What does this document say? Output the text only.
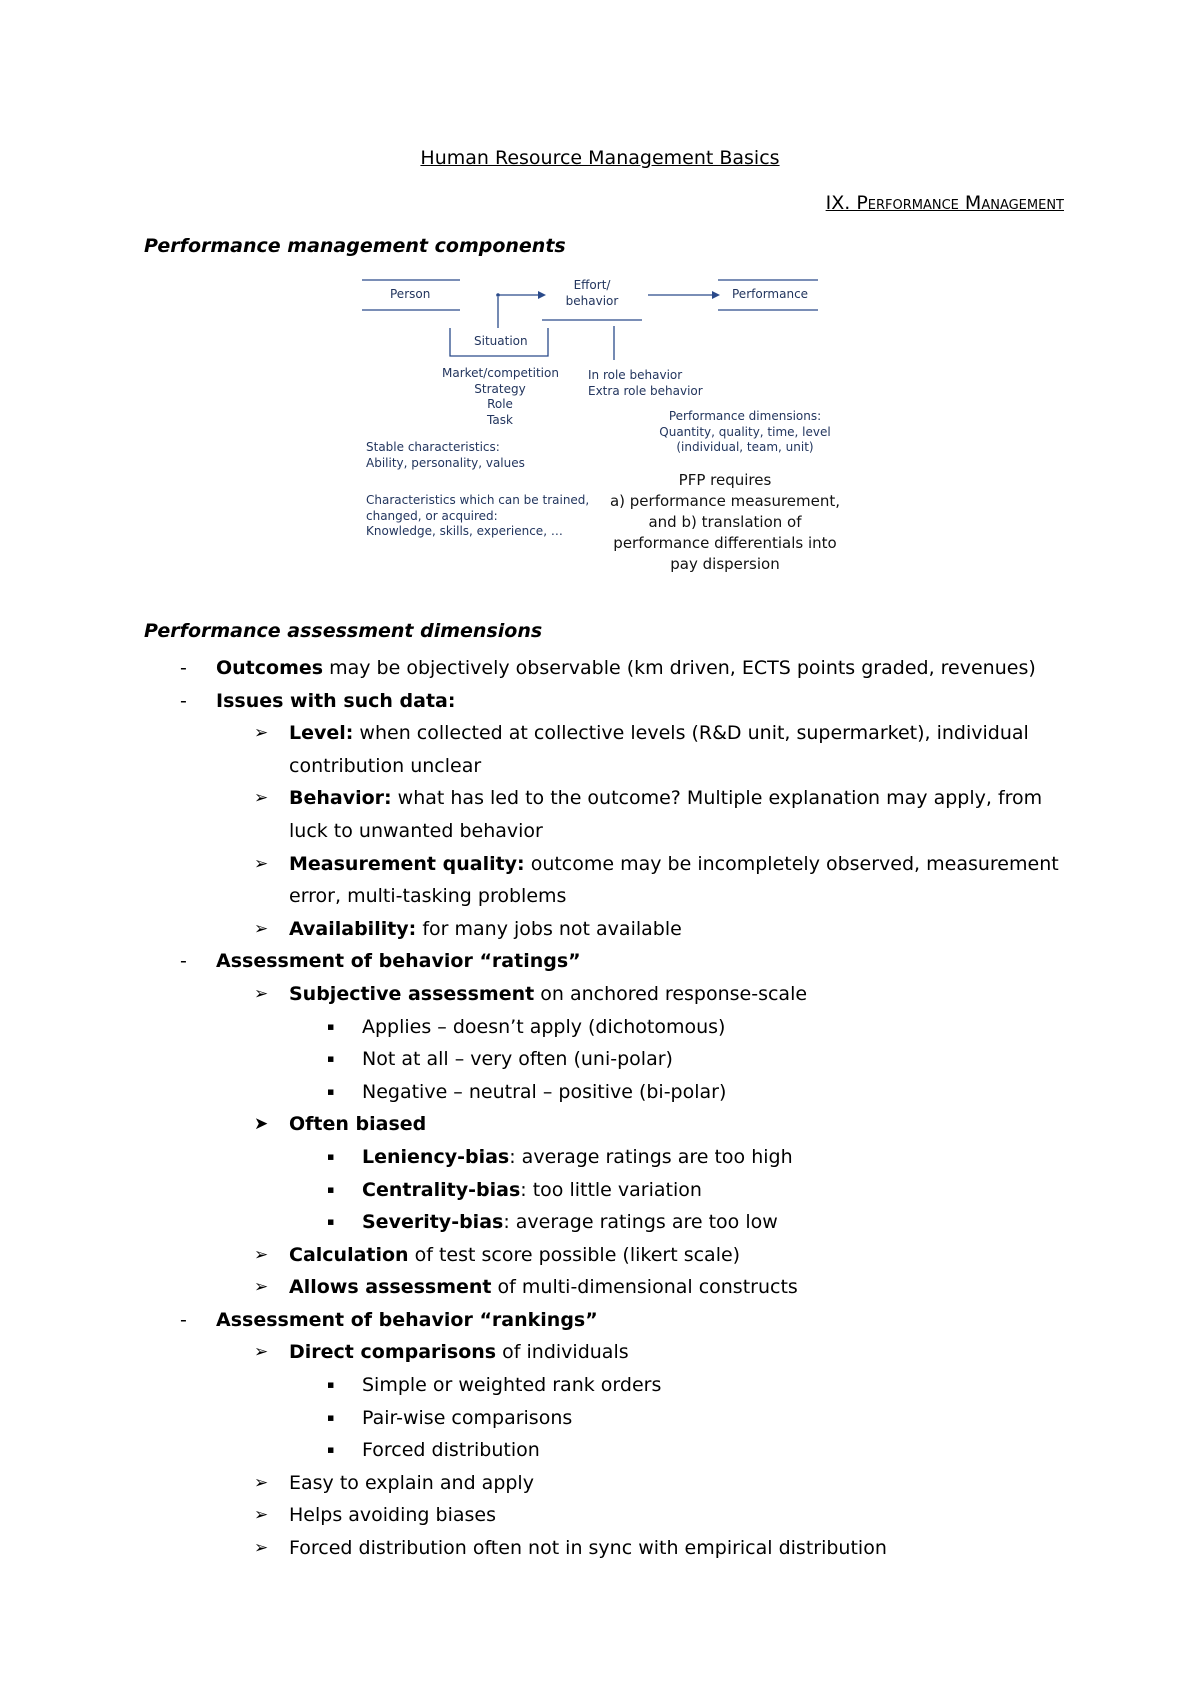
Human Resource Management Basics
IX. Performance Management
Performance management components
Person
Effort/
behavior	Performance
Situation
Market/competition
Strategy
Role
Task
In role behavior
Extra role behavior
Performance dimensions:
Quantity, quality, time, level
(individual, team, unit)
Stable characteristics:
Ability, personality, values
Characteristics which can be trained,
changed, or acquired:
Knowledge, skills, experience, …
PFP requires
a) performance measurement,
and b) translation of
performance differentials into
pay dispersion
Performance assessment dimensions
- Outcomes may be objectively observable (km driven, ECTS points graded, revenues)
- Issues with such data:
➢ Level: when collected at collective levels (R&D unit, supermarket), individual contribution unclear
➢ Behavior: what has led to the outcome? Multiple explanation may apply, from luck to unwanted behavior
➢ Measurement quality: outcome may be incompletely observed, measurement error, multi-tasking problems
➢ Availability: for many jobs not available
- Assessment of behavior “ratings”
➢ Subjective assessment on anchored response-scale
▪ Applies – doesn’t apply (dichotomous)
▪ Not at all – very often (uni-polar)
▪ Negative – neutral – positive (bi-polar)
➤ Often biased
▪ Leniency-bias: average ratings are too high
▪ Centrality-bias: too little variation
▪ Severity-bias: average ratings are too low
➢ Calculation of test score possible (likert scale)
➢ Allows assessment of multi-dimensional constructs
- Assessment of behavior “rankings”
➢ Direct comparisons of individuals
▪ Simple or weighted rank orders
▪ Pair-wise comparisons
▪ Forced distribution
➢ Easy to explain and apply
➢ Helps avoiding biases
➢ Forced distribution often not in sync with empirical distribution
